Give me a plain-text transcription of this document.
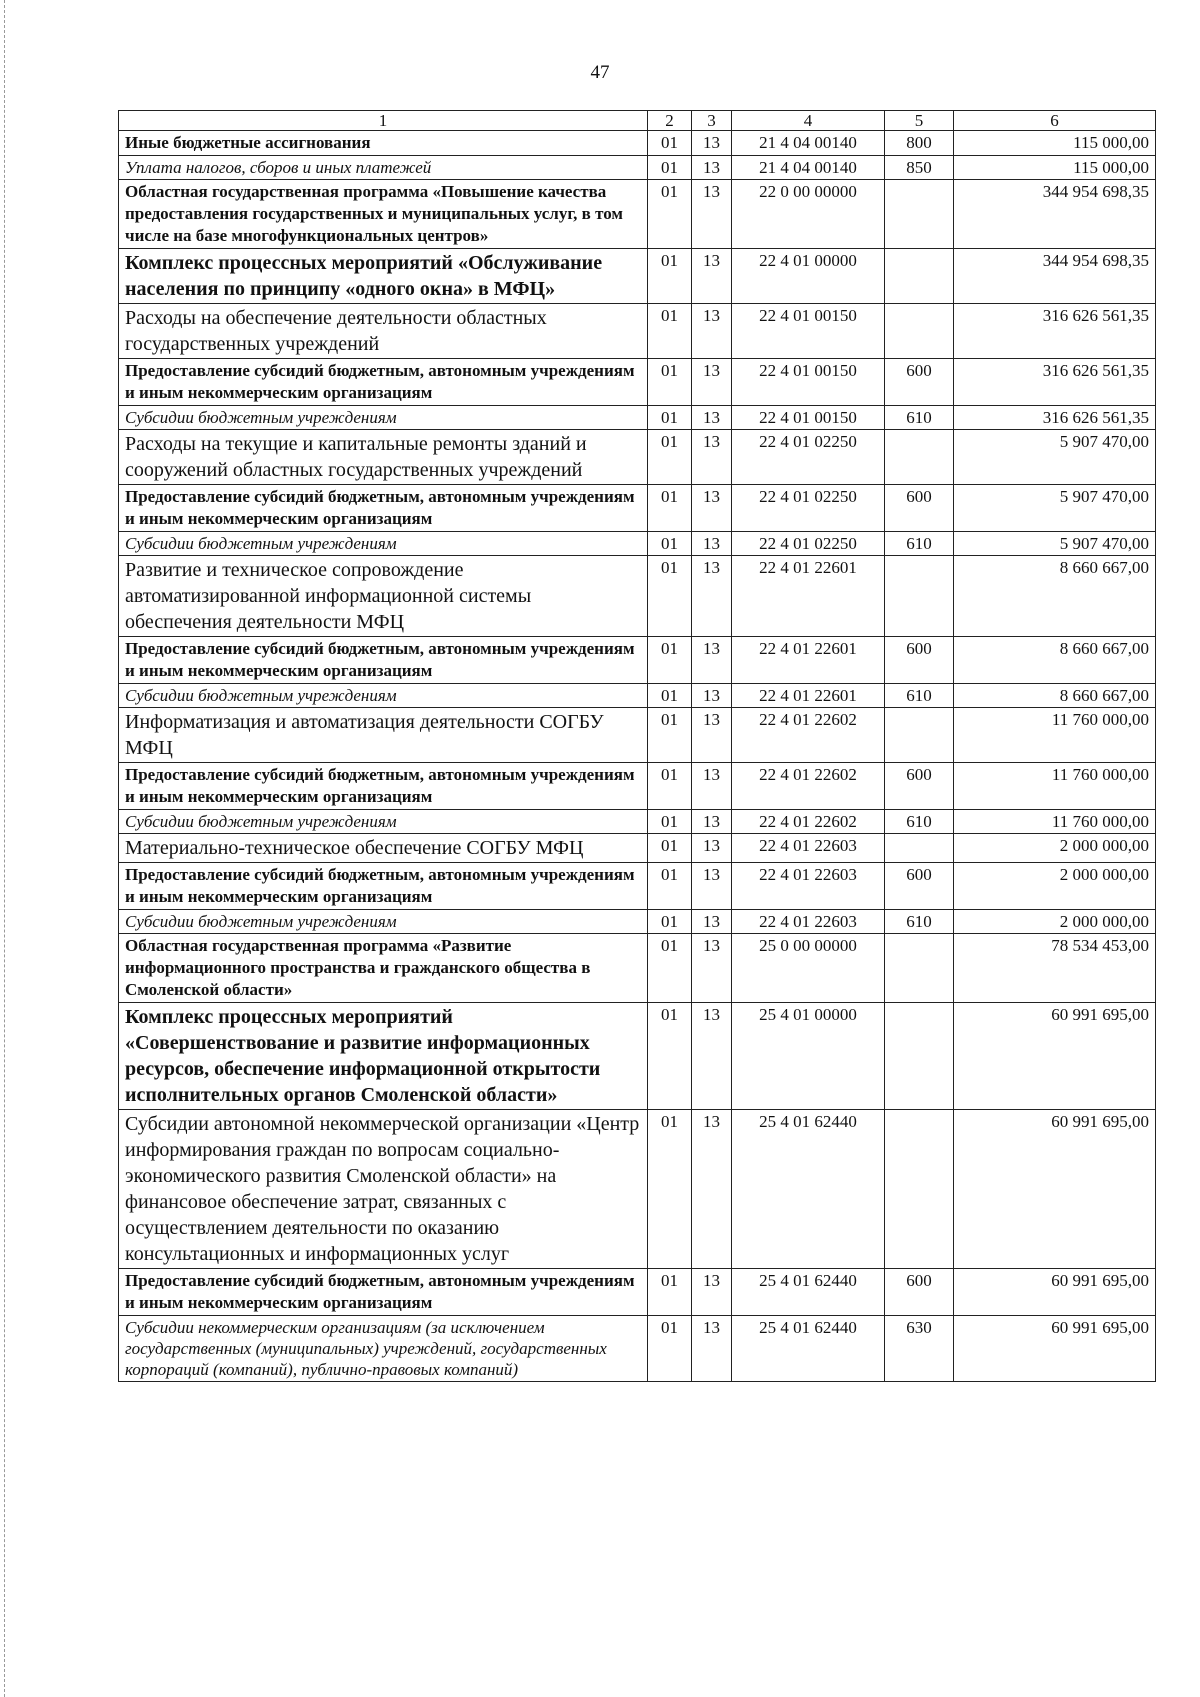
47
1	2	3	4	5	6
Иные бюджетные ассигнования	01	13	21 4 04 00140	800	115 000,00
Уплата налогов, сборов и иных платежей	01	13	21 4 04 00140	850	115 000,00
Областная государственная программа «Повышение качества предоставления государственных и муниципальных услуг, в том числе на базе многофункциональных центров»	01	13	22 0 00 00000		344 954 698,35
Комплекс процессных мероприятий «Обслуживание населения по принципу «одного окна» в МФЦ»	01	13	22 4 01 00000		344 954 698,35
Расходы на обеспечение деятельности областных государственных учреждений	01	13	22 4 01 00150		316 626 561,35
Предоставление субсидий бюджетным, автономным учреждениям и иным некоммерческим организациям	01	13	22 4 01 00150	600	316 626 561,35
Субсидии бюджетным учреждениям	01	13	22 4 01 00150	610	316 626 561,35
Расходы на текущие и капитальные ремонты зданий и сооружений областных государственных учреждений	01	13	22 4 01 02250		5 907 470,00
Предоставление субсидий бюджетным, автономным учреждениям и иным некоммерческим организациям	01	13	22 4 01 02250	600	5 907 470,00
Субсидии бюджетным учреждениям	01	13	22 4 01 02250	610	5 907 470,00
Развитие и техническое сопровождение автоматизированной информационной системы обеспечения деятельности МФЦ	01	13	22 4 01 22601		8 660 667,00
Предоставление субсидий бюджетным, автономным учреждениям и иным некоммерческим организациям	01	13	22 4 01 22601	600	8 660 667,00
Субсидии бюджетным учреждениям	01	13	22 4 01 22601	610	8 660 667,00
Информатизация и автоматизация деятельности СОГБУ МФЦ	01	13	22 4 01 22602		11 760 000,00
Предоставление субсидий бюджетным, автономным учреждениям и иным некоммерческим организациям	01	13	22 4 01 22602	600	11 760 000,00
Субсидии бюджетным учреждениям	01	13	22 4 01 22602	610	11 760 000,00
Материально-техническое обеспечение СОГБУ МФЦ	01	13	22 4 01 22603		2 000 000,00
Предоставление субсидий бюджетным, автономным учреждениям и иным некоммерческим организациям	01	13	22 4 01 22603	600	2 000 000,00
Субсидии бюджетным учреждениям	01	13	22 4 01 22603	610	2 000 000,00
Областная государственная программа «Развитие информационного пространства и гражданского общества в Смоленской области»	01	13	25 0 00 00000		78 534 453,00
Комплекс процессных мероприятий «Совершенствование и развитие информационных ресурсов, обеспечение информационной открытости исполнительных органов Смоленской области»	01	13	25 4 01 00000		60 991 695,00
Субсидии автономной некоммерческой организации «Центр информирования граждан по вопросам социально-экономического развития Смоленской области» на финансовое обеспечение затрат, связанных с осуществлением деятельности по оказанию консультационных и информационных услуг	01	13	25 4 01 62440		60 991 695,00
Предоставление субсидий бюджетным, автономным учреждениям и иным некоммерческим организациям	01	13	25 4 01 62440	600	60 991 695,00
Субсидии некоммерческим организациям (за исключением государственных (муниципальных) учреждений, государственных корпораций (компаний), публично-правовых компаний)	01	13	25 4 01 62440	630	60 991 695,00
